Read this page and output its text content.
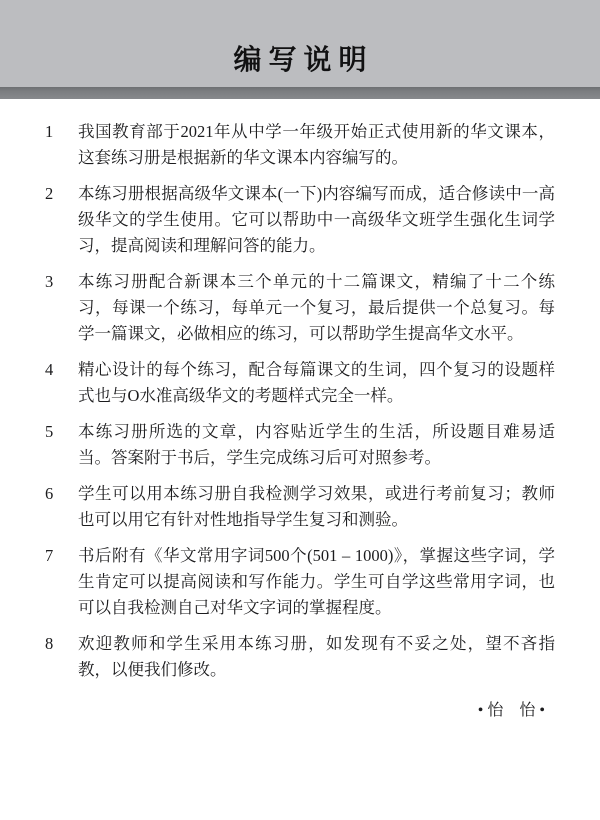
编写说明
1	我国教育部于2021年从中学一年级开始正式使用新的华文课本，这套练习册是根据新的华文课本内容编写的。
2	本练习册根据高级华文课本(一下)内容编写而成，适合修读中一高级华文的学生使用。它可以帮助中一高级华文班学生强化生词学习，提高阅读和理解问答的能力。
3	本练习册配合新课本三个单元的十二篇课文，精编了十二个练习，每课一个练习，每单元一个复习，最后提供一个总复习。每学一篇课文，必做相应的练习，可以帮助学生提高华文水平。
4	精心设计的每个练习，配合每篇课文的生词，四个复习的设题样式也与O水准高级华文的考题样式完全一样。
5	本练习册所选的文章，内容贴近学生的生活，所设题目难易适当。答案附于书后，学生完成练习后可对照参考。
6	学生可以用本练习册自我检测学习效果，或进行考前复习；教师也可以用它有针对性地指导学生复习和测验。
7	书后附有《华文常用字词500个(501 – 1000)》，掌握这些字词，学生肯定可以提高阅读和写作能力。学生可自学这些常用字词，也可以自我检测自己对华文字词的掌握程度。
8	欢迎教师和学生采用本练习册，如发现有不妥之处，望不吝指教，以便我们修改。
• 怡　怡 •
